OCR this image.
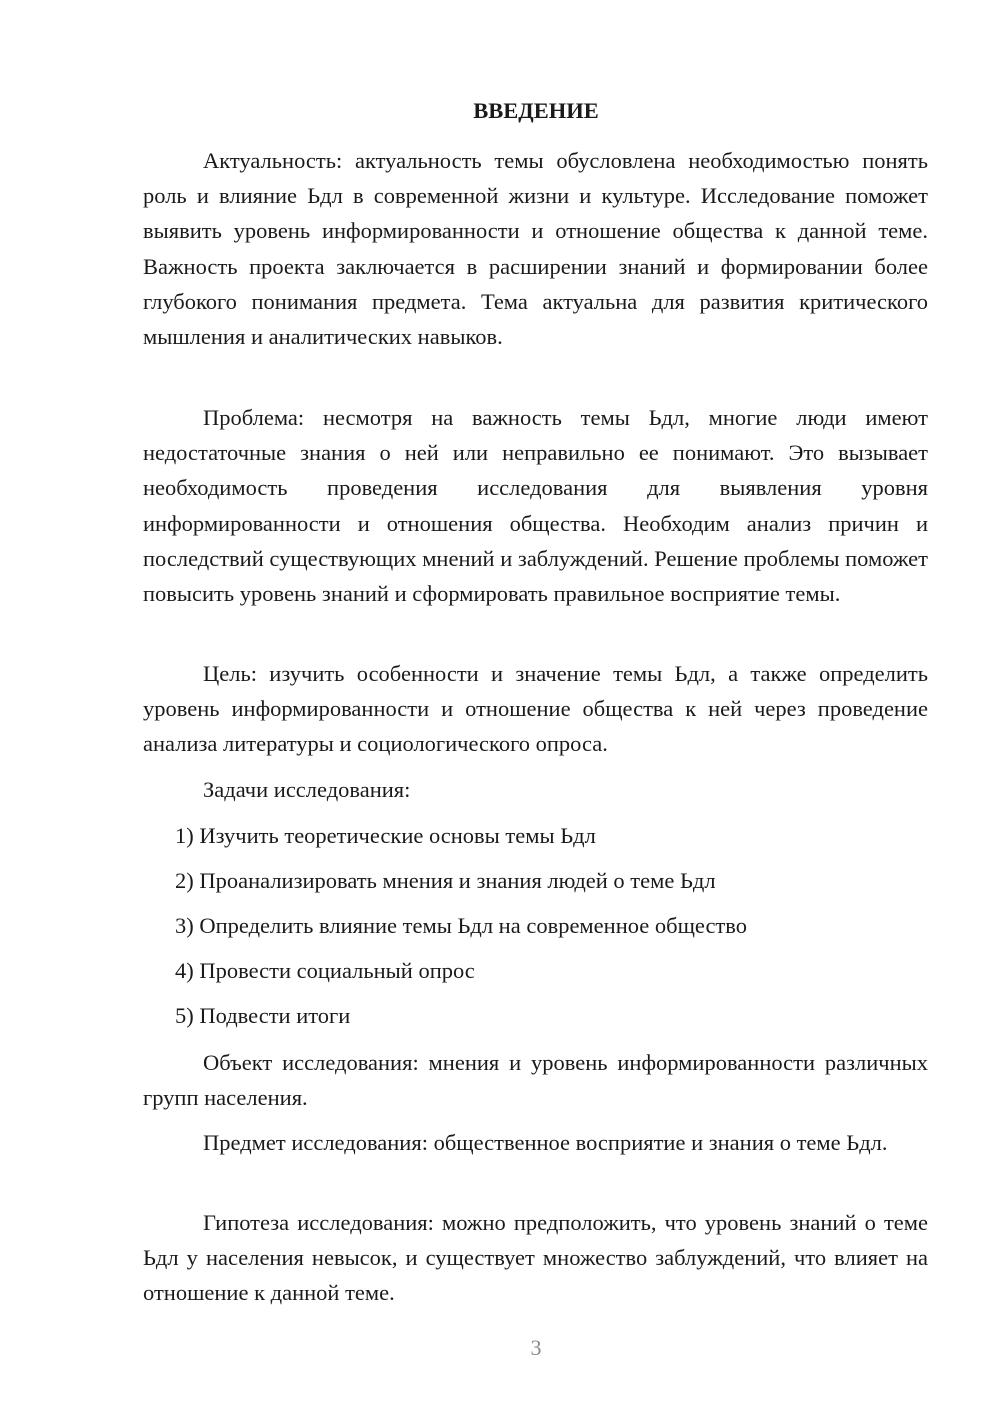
ВВЕДЕНИЕ

Актуальность: актуальность темы обусловлена необходимостью понять роль и влияние Ьдл в современной жизни и культуре. Исследование поможет выявить уровень информированности и отношение общества к данной теме. Важность проекта заключается в расширении знаний и формировании более глубокого понимания предмета. Тема актуальна для развития критического мышления и аналитических навыков.

Проблема: несмотря на важность темы Ьдл, многие люди имеют недостаточные знания о ней или неправильно ее понимают. Это вызывает необходимость проведения исследования для выявления уровня информированности и отношения общества. Необходим анализ причин и последствий существующих мнений и заблуждений. Решение проблемы поможет повысить уровень знаний и сформировать правильное восприятие темы.

Цель: изучить особенности и значение темы Ьдл, а также определить уровень информированности и отношение общества к ней через проведение анализа литературы и социологического опроса.

Задачи исследования:

1) Изучить теоретические основы темы Ьдл

2) Проанализировать мнения и знания людей о теме Ьдл

3) Определить влияние темы Ьдл на современное общество

4) Провести социальный опрос

5) Подвести итоги

Объект исследования: мнения и уровень информированности различных групп населения.

Предмет исследования: общественное восприятие и знания о теме Ьдл.

Гипотеза исследования: можно предположить, что уровень знаний о теме Ьдл у населения невысок, и существует множество заблуждений, что влияет на отношение к данной теме.

3
